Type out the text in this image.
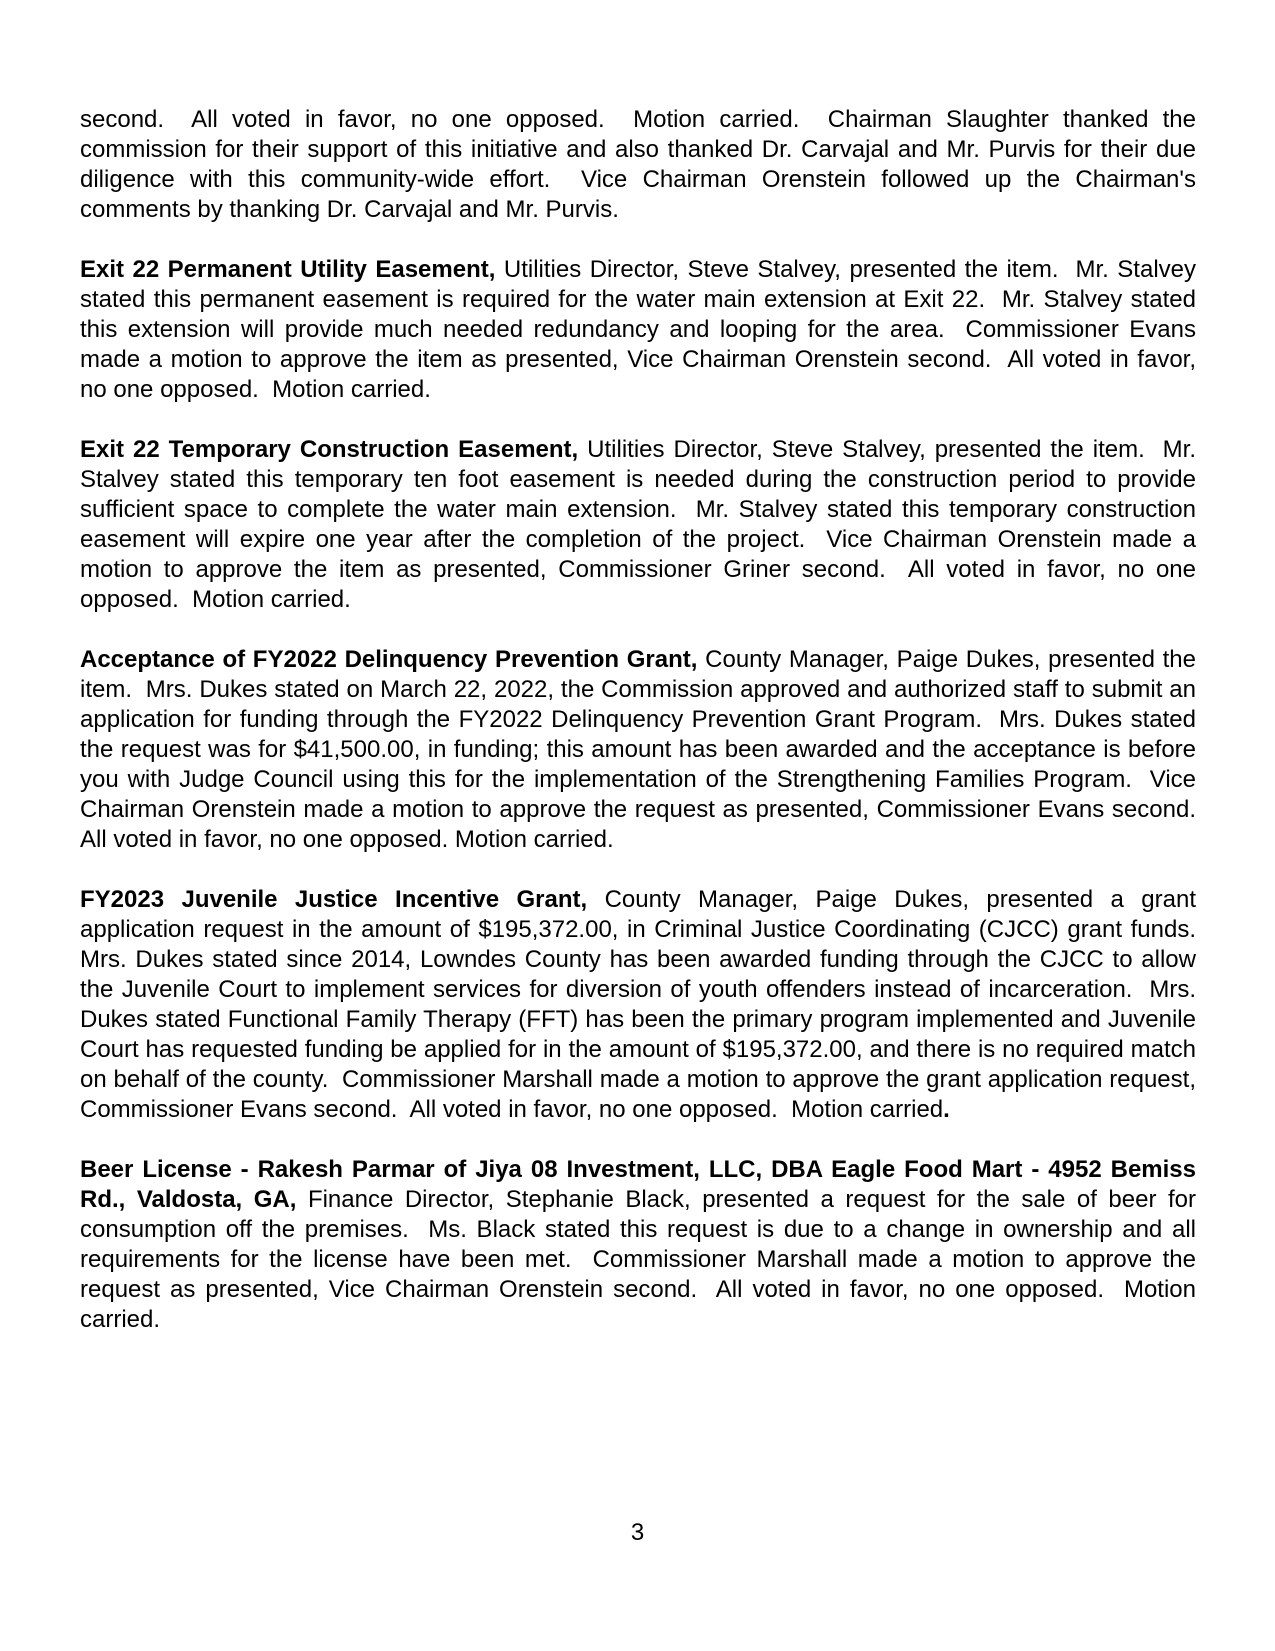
second.  All voted in favor, no one opposed.  Motion carried.  Chairman Slaughter thanked the commission for their support of this initiative and also thanked Dr. Carvajal and Mr. Purvis for their due diligence with this community-wide effort.  Vice Chairman Orenstein followed up the Chairman's comments by thanking Dr. Carvajal and Mr. Purvis.

Exit 22 Permanent Utility Easement, Utilities Director, Steve Stalvey, presented the item.  Mr. Stalvey stated this permanent easement is required for the water main extension at Exit 22.  Mr. Stalvey stated this extension will provide much needed redundancy and looping for the area.  Commissioner Evans made a motion to approve the item as presented, Vice Chairman Orenstein second.  All voted in favor, no one opposed.  Motion carried.

Exit 22 Temporary Construction Easement, Utilities Director, Steve Stalvey, presented the item.  Mr. Stalvey stated this temporary ten foot easement is needed during the construction period to provide sufficient space to complete the water main extension.  Mr. Stalvey stated this temporary construction easement will expire one year after the completion of the project.  Vice Chairman Orenstein made a motion to approve the item as presented, Commissioner Griner second.  All voted in favor, no one opposed.  Motion carried.

Acceptance of FY2022 Delinquency Prevention Grant, County Manager, Paige Dukes, presented the item.  Mrs. Dukes stated on March 22, 2022, the Commission approved and authorized staff to submit an application for funding through the FY2022 Delinquency Prevention Grant Program.  Mrs. Dukes stated the request was for $41,500.00, in funding; this amount has been awarded and the acceptance is before you with Judge Council using this for the implementation of the Strengthening Families Program.  Vice Chairman Orenstein made a motion to approve the request as presented, Commissioner Evans second.  All voted in favor, no one opposed. Motion carried.

FY2023 Juvenile Justice Incentive Grant, County Manager, Paige Dukes, presented a grant application request in the amount of $195,372.00, in Criminal Justice Coordinating (CJCC) grant funds.  Mrs. Dukes stated since 2014, Lowndes County has been awarded funding through the CJCC to allow the Juvenile Court to implement services for diversion of youth offenders instead of incarceration.  Mrs. Dukes stated Functional Family Therapy (FFT) has been the primary program implemented and Juvenile Court has requested funding be applied for in the amount of $195,372.00, and there is no required match on behalf of the county.  Commissioner Marshall made a motion to approve the grant application request, Commissioner Evans second.  All voted in favor, no one opposed.  Motion carried.

Beer License - Rakesh Parmar of Jiya 08 Investment, LLC, DBA Eagle Food Mart - 4952 Bemiss Rd., Valdosta, GA, Finance Director, Stephanie Black, presented a request for the sale of beer for consumption off the premises.  Ms. Black stated this request is due to a change in ownership and all requirements for the license have been met.  Commissioner Marshall made a motion to approve the request as presented, Vice Chairman Orenstein second.  All voted in favor, no one opposed.  Motion carried.

3
